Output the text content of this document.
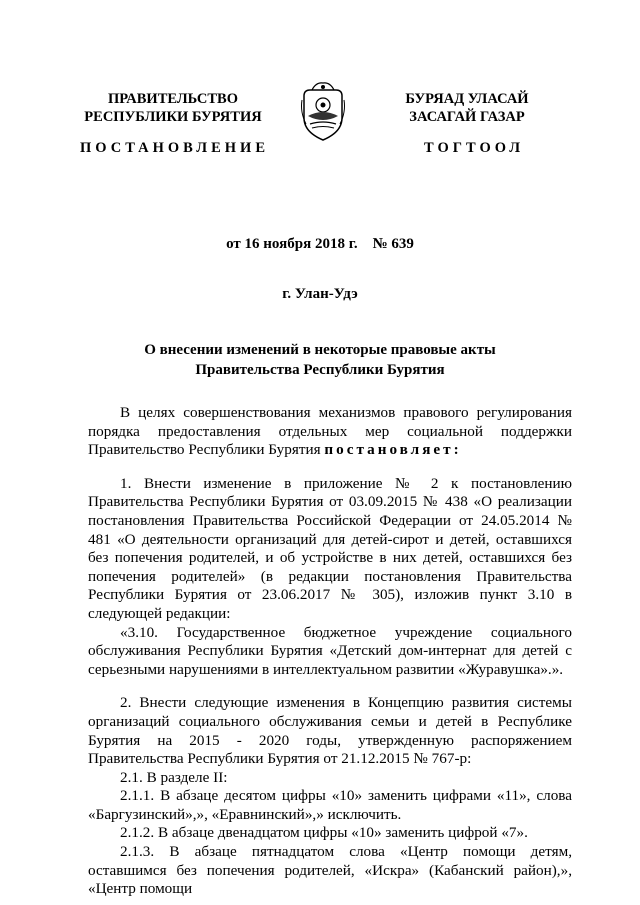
ПРАВИТЕЛЬСТВО
РЕСПУБЛИКИ БУРЯТИЯ
БУРЯАД УЛАСАЙ
ЗАСАГАЙ ГАЗАР
ПОСТАНОВЛЕНИЕ	ТОГТООЛ
от 16 ноября 2018 г.    № 639
г. Улан-Удэ
О внесении изменений в некоторые правовые акты
Правительства Республики Бурятия

В целях совершенствования механизмов правового регулирования порядка предоставления отдельных мер социальной поддержки Правительство Республики Бурятия постановляет:

1. Внести изменение в приложение № 2 к постановлению Правительства Республики Бурятия от 03.09.2015 № 438 «О реализации постановления Правительства Российской Федерации от 24.05.2014 № 481 «О деятельности организаций для детей-сирот и детей, оставшихся без попечения родителей, и об устройстве в них детей, оставшихся без попечения родителей» (в редакции постановления Правительства Республики Бурятия от 23.06.2017 № 305), изложив пункт 3.10 в следующей редакции:

«3.10. Государственное бюджетное учреждение социального обслуживания Республики Бурятия «Детский дом-интернат для детей с серьезными нарушениями в интеллектуальном развитии «Журавушка».».

2. Внести следующие изменения в Концепцию развития системы организаций социального обслуживания семьи и детей в Республике Бурятия на 2015 - 2020 годы, утвержденную распоряжением Правительства Республики Бурятия от 21.12.2015 № 767-р:

2.1. В разделе II:

2.1.1. В абзаце десятом цифры «10» заменить цифрами «11», слова «Баргузинский»,», «Еравнинский»,» исключить.

2.1.2. В абзаце двенадцатом цифры «10» заменить цифрой «7».

2.1.3. В абзаце пятнадцатом слова «Центр помощи детям, оставшимся без попечения родителей, «Искра» (Кабанский район),», «Центр помощи
